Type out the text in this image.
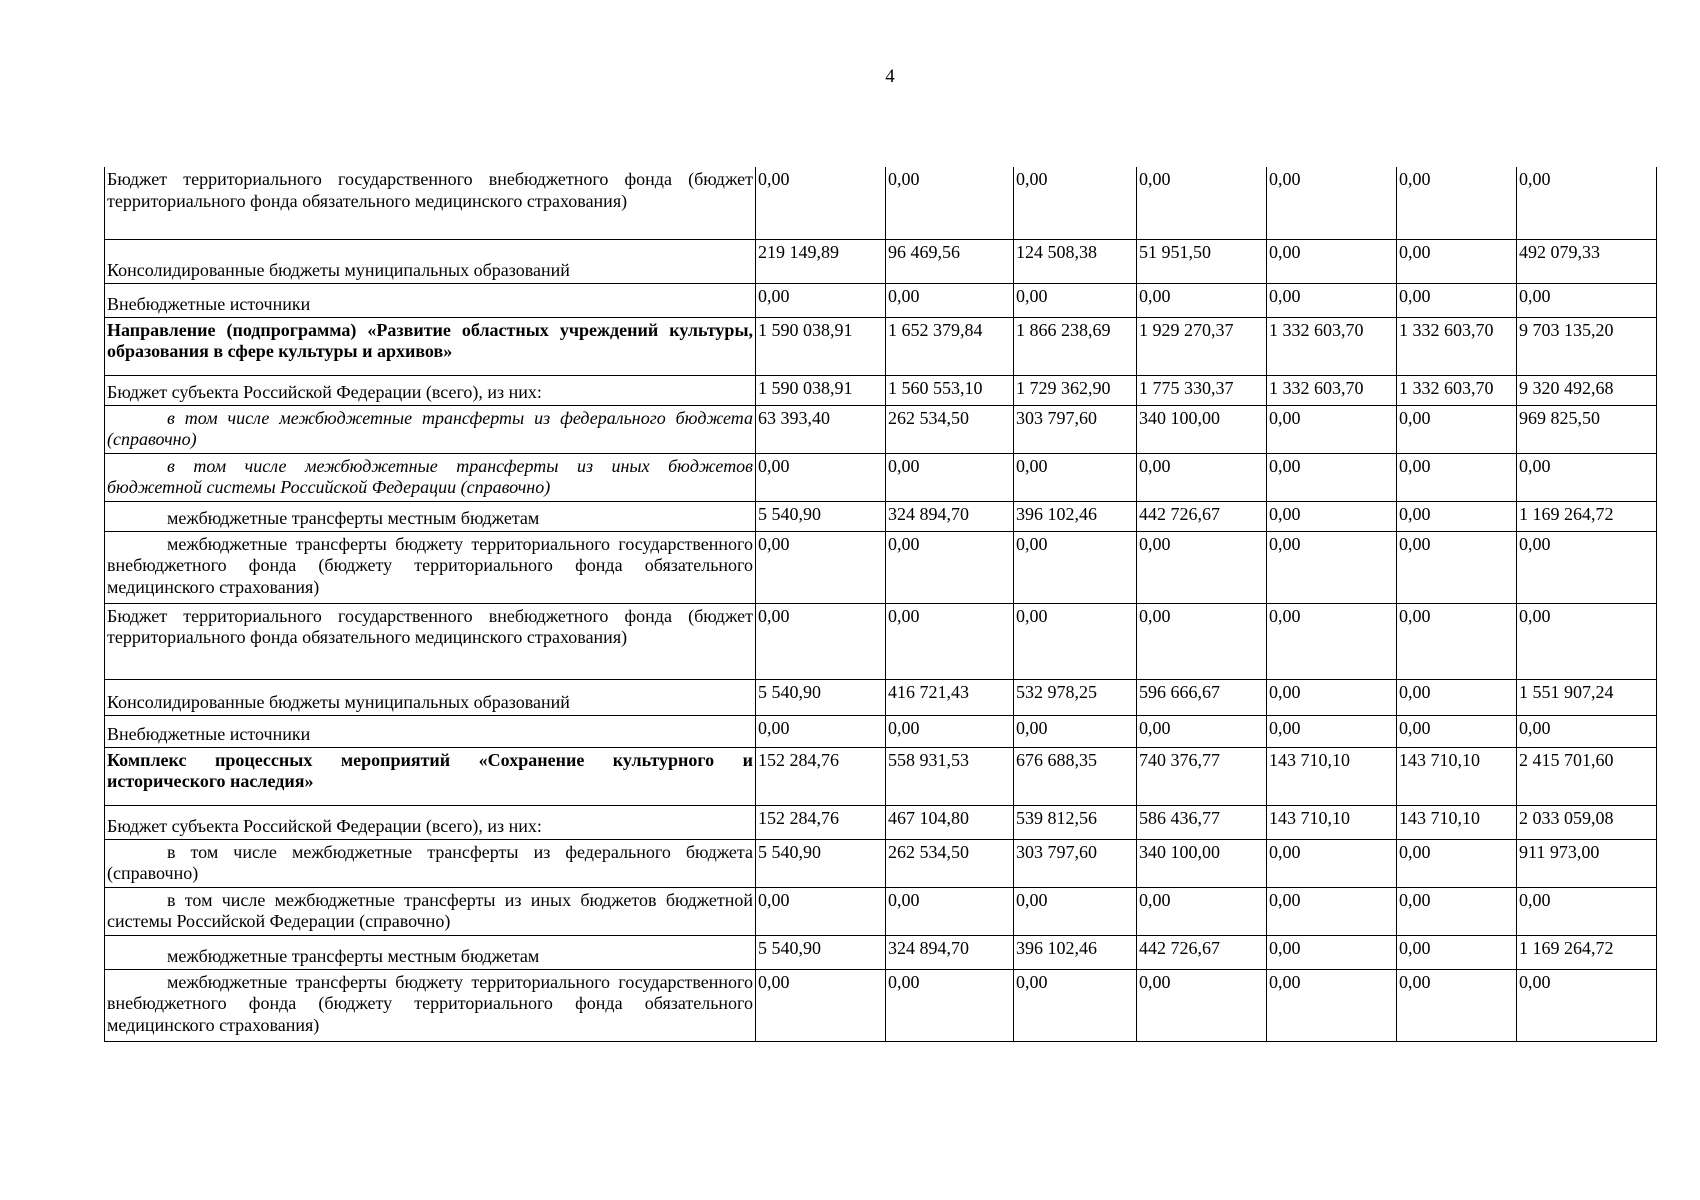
4
Бюджет территориального государственного внебюджетного фонда (бюджет территориального фонда обязательного медицинского страхования)	0,00	0,00	0,00	0,00	0,00	0,00	0,00
Консолидированные бюджеты муниципальных образований	219 149,89	96 469,56	124 508,38	51 951,50	0,00	0,00	492 079,33
Внебюджетные источники	0,00	0,00	0,00	0,00	0,00	0,00	0,00
Направление (подпрограмма) «Развитие областных учреждений культуры, образования в сфере культуры и архивов»	1 590 038,91	1 652 379,84	1 866 238,69	1 929 270,37	1 332 603,70	1 332 603,70	9 703 135,20
Бюджет субъекта Российской Федерации (всего), из них:	1 590 038,91	1 560 553,10	1 729 362,90	1 775 330,37	1 332 603,70	1 332 603,70	9 320 492,68
в том числе межбюджетные трансферты из федерального бюджета (справочно)	63 393,40	262 534,50	303 797,60	340 100,00	0,00	0,00	969 825,50
в том числе межбюджетные трансферты из иных бюджетов бюджетной системы Российской Федерации (справочно)	0,00	0,00	0,00	0,00	0,00	0,00	0,00
межбюджетные трансферты местным бюджетам	5 540,90	324 894,70	396 102,46	442 726,67	0,00	0,00	1 169 264,72
межбюджетные трансферты бюджету территориального государственного внебюджетного фонда (бюджету территориального фонда обязательного медицинского страхования)	0,00	0,00	0,00	0,00	0,00	0,00	0,00
Бюджет территориального государственного внебюджетного фонда (бюджет территориального фонда обязательного медицинского страхования)	0,00	0,00	0,00	0,00	0,00	0,00	0,00
Консолидированные бюджеты муниципальных образований	5 540,90	416 721,43	532 978,25	596 666,67	0,00	0,00	1 551 907,24
Внебюджетные источники	0,00	0,00	0,00	0,00	0,00	0,00	0,00
Комплекс процессных мероприятий «Сохранение культурного и исторического наследия»	152 284,76	558 931,53	676 688,35	740 376,77	143 710,10	143 710,10	2 415 701,60
Бюджет субъекта Российской Федерации (всего), из них:	152 284,76	467 104,80	539 812,56	586 436,77	143 710,10	143 710,10	2 033 059,08
в том числе межбюджетные трансферты из федерального бюджета (справочно)	5 540,90	262 534,50	303 797,60	340 100,00	0,00	0,00	911 973,00
в том числе межбюджетные трансферты из иных бюджетов бюджетной системы Российской Федерации (справочно)	0,00	0,00	0,00	0,00	0,00	0,00	0,00
межбюджетные трансферты местным бюджетам	5 540,90	324 894,70	396 102,46	442 726,67	0,00	0,00	1 169 264,72
межбюджетные трансферты бюджету территориального государственного внебюджетного фонда (бюджету территориального фонда обязательного медицинского страхования)	0,00	0,00	0,00	0,00	0,00	0,00	0,00
